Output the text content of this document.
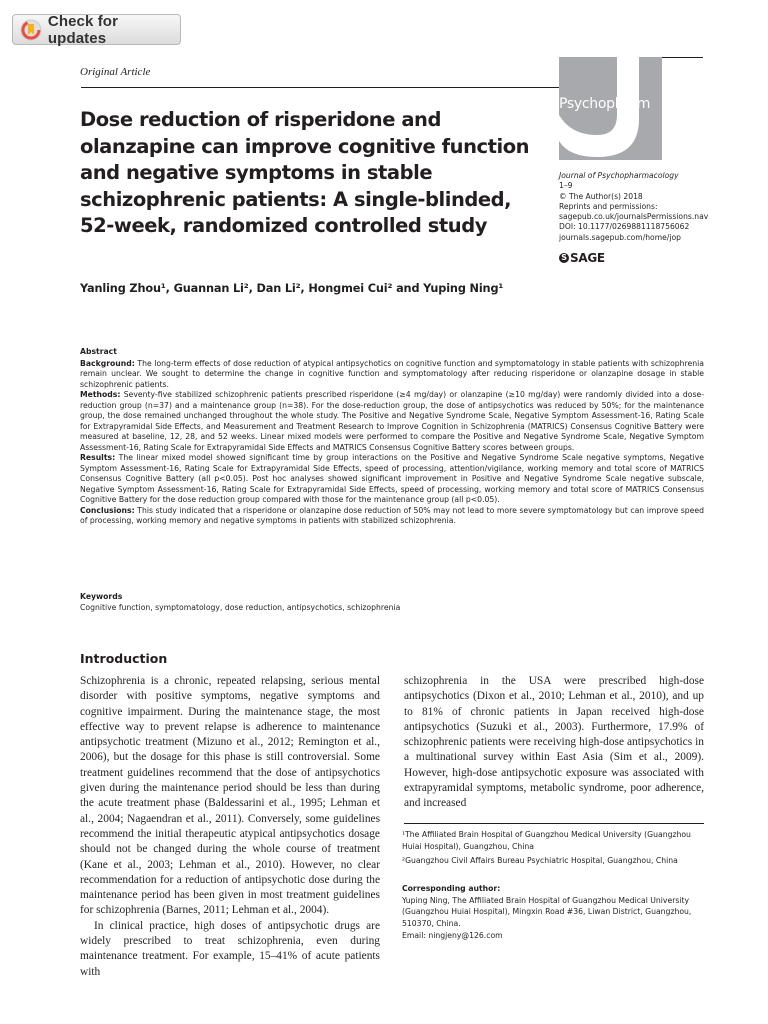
Check for updates
Original Article
Dose reduction of risperidone and olanzapine can improve cognitive function and negative symptoms in stable schizophrenic patients: A single-blinded, 52-week, randomized controlled study
Psychopharm
Journal of Psychopharmacology
1–9
© The Author(s) 2018
Reprints and permissions:
sagepub.co.uk/journalsPermissions.nav
DOI: 10.1177/0269881118756062
journals.sagepub.com/home/jop
S SAGE
Yanling Zhou¹, Guannan Li², Dan Li², Hongmei Cui² and Yuping Ning¹
Abstract

Background: The long-term effects of dose reduction of atypical antipsychotics on cognitive function and symptomatology in stable patients with schizophrenia remain unclear. We sought to determine the change in cognitive function and symptomatology after reducing risperidone or olanzapine dosage in stable schizophrenic patients.

Methods: Seventy-five stabilized schizophrenic patients prescribed risperidone (≥4 mg/day) or olanzapine (≥10 mg/day) were randomly divided into a dose-reduction group (n=37) and a maintenance group (n=38). For the dose-reduction group, the dose of antipsychotics was reduced by 50%; for the maintenance group, the dose remained unchanged throughout the whole study. The Positive and Negative Syndrome Scale, Negative Symptom Assessment-16, Rating Scale for Extrapyramidal Side Effects, and Measurement and Treatment Research to Improve Cognition in Schizophrenia (MATRICS) Consensus Cognitive Battery were measured at baseline, 12, 28, and 52 weeks. Linear mixed models were performed to compare the Positive and Negative Syndrome Scale, Negative Symptom Assessment-16, Rating Scale for Extrapyramidal Side Effects and MATRICS Consensus Cognitive Battery scores between groups.

Results: The linear mixed model showed significant time by group interactions on the Positive and Negative Syndrome Scale negative symptoms, Negative Symptom Assessment-16, Rating Scale for Extrapyramidal Side Effects, speed of processing, attention/vigilance, working memory and total score of MATRICS Consensus Cognitive Battery (all p<0.05). Post hoc analyses showed significant improvement in Positive and Negative Syndrome Scale negative subscale, Negative Symptom Assessment-16, Rating Scale for Extrapyramidal Side Effects, speed of processing, working memory and total score of MATRICS Consensus Cognitive Battery for the dose reduction group compared with those for the maintenance group (all p<0.05).

Conclusions: This study indicated that a risperidone or olanzapine dose reduction of 50% may not lead to more severe symptomatology but can improve speed of processing, working memory and negative symptoms in patients with stabilized schizophrenia.

Keywords
Cognitive function, symptomatology, dose reduction, antipsychotics, schizophrenia
Introduction

Schizophrenia is a chronic, repeated relapsing, serious mental disorder with positive symptoms, negative symptoms and cognitive impairment. During the maintenance stage, the most effective way to prevent relapse is adherence to maintenance antipsychotic treatment (Mizuno et al., 2012; Remington et al., 2006), but the dosage for this phase is still controversial. Some treatment guidelines recommend that the dose of antipsychotics given during the maintenance period should be less than during the acute treatment phase (Baldessarini et al., 1995; Lehman et al., 2004; Nagaendran et al., 2011). Conversely, some guidelines recommend the initial therapeutic atypical antipsychotics dosage should not be changed during the whole course of treatment (Kane et al., 2003; Lehman et al., 2010). However, no clear recommendation for a reduction of antipsychotic dose during the maintenance period has been given in most treatment guidelines for schizophrenia (Barnes, 2011; Lehman et al., 2004).

In clinical practice, high doses of antipsychotic drugs are widely prescribed to treat schizophrenia, even during maintenance treatment. For example, 15–41% of acute patients with

schizophrenia in the USA were prescribed high-dose antipsychotics (Dixon et al., 2010; Lehman et al., 2010), and up to 81% of chronic patients in Japan received high-dose antipsychotics (Suzuki et al., 2003). Furthermore, 17.9% of schizophrenic patients were receiving high-dose antipsychotics in a multinational survey within East Asia (Sim et al., 2009). However, high-dose antipsychotic exposure was associated with extrapyramidal symptoms, metabolic syndrome, poor adherence, and increased

¹The Affiliated Brain Hospital of Guangzhou Medical University (Guangzhou Huiai Hospital), Guangzhou, China
²Guangzhou Civil Affairs Bureau Psychiatric Hospital, Guangzhou, China
Corresponding author:
Yuping Ning, The Affiliated Brain Hospital of Guangzhou Medical University (Guangzhou Huiai Hospital), Mingxin Road #36, Liwan District, Guangzhou, 510370, China.
Email: ningjeny@126.com
